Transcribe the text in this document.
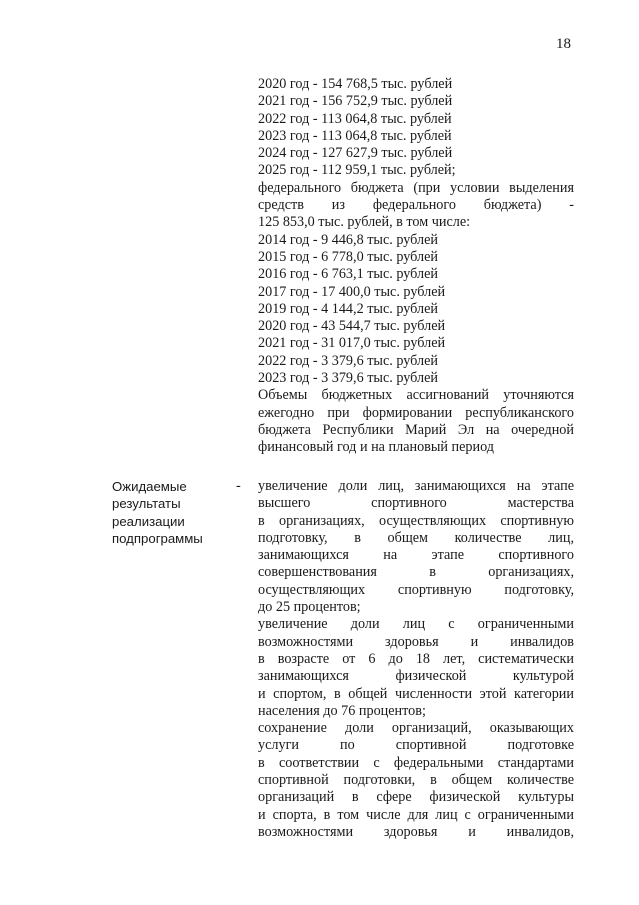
18
2020 год - 154 768,5 тыс. рублей
2021 год - 156 752,9 тыс. рублей
2022 год - 113 064,8 тыс. рублей
2023 год - 113 064,8 тыс. рублей
2024 год - 127 627,9 тыс. рублей
2025 год - 112 959,1 тыс. рублей;
федерального бюджета (при условии выделения
средств из федерального бюджета) -
125 853,0 тыс. рублей, в том числе:
2014 год - 9 446,8 тыс. рублей
2015 год - 6 778,0 тыс. рублей
2016 год - 6 763,1 тыс. рублей
2017 год - 17 400,0 тыс. рублей
2019 год - 4 144,2 тыс. рублей
2020 год - 43 544,7 тыс. рублей
2021 год - 31 017,0 тыс. рублей
2022 год - 3 379,6 тыс. рублей
2023 год - 3 379,6 тыс. рублей
Объемы бюджетных ассигнований уточняются
ежегодно при формировании республиканского
бюджета Республики Марий Эл на очередной
финансовый год и на плановый период
Ожидаемые результаты реализации подпрограммы
- увеличение доли лиц, занимающихся на этапе
высшего спортивного мастерства
в организациях, осуществляющих спортивную
подготовку, в общем количестве лиц,
занимающихся на этапе спортивного
совершенствования в организациях,
осуществляющих спортивную подготовку,
до 25 процентов;
увеличение доли лиц с ограниченными
возможностями здоровья и инвалидов
в возрасте от 6 до 18 лет, систематически
занимающихся физической культурой
и спортом, в общей численности этой категории
населения до 76 процентов;
сохранение доли организаций, оказывающих
услуги по спортивной подготовке
в соответствии с федеральными стандартами
спортивной подготовки, в общем количестве
организаций в сфере физической культуры
и спорта, в том числе для лиц с ограниченными
возможностями здоровья и инвалидов,
